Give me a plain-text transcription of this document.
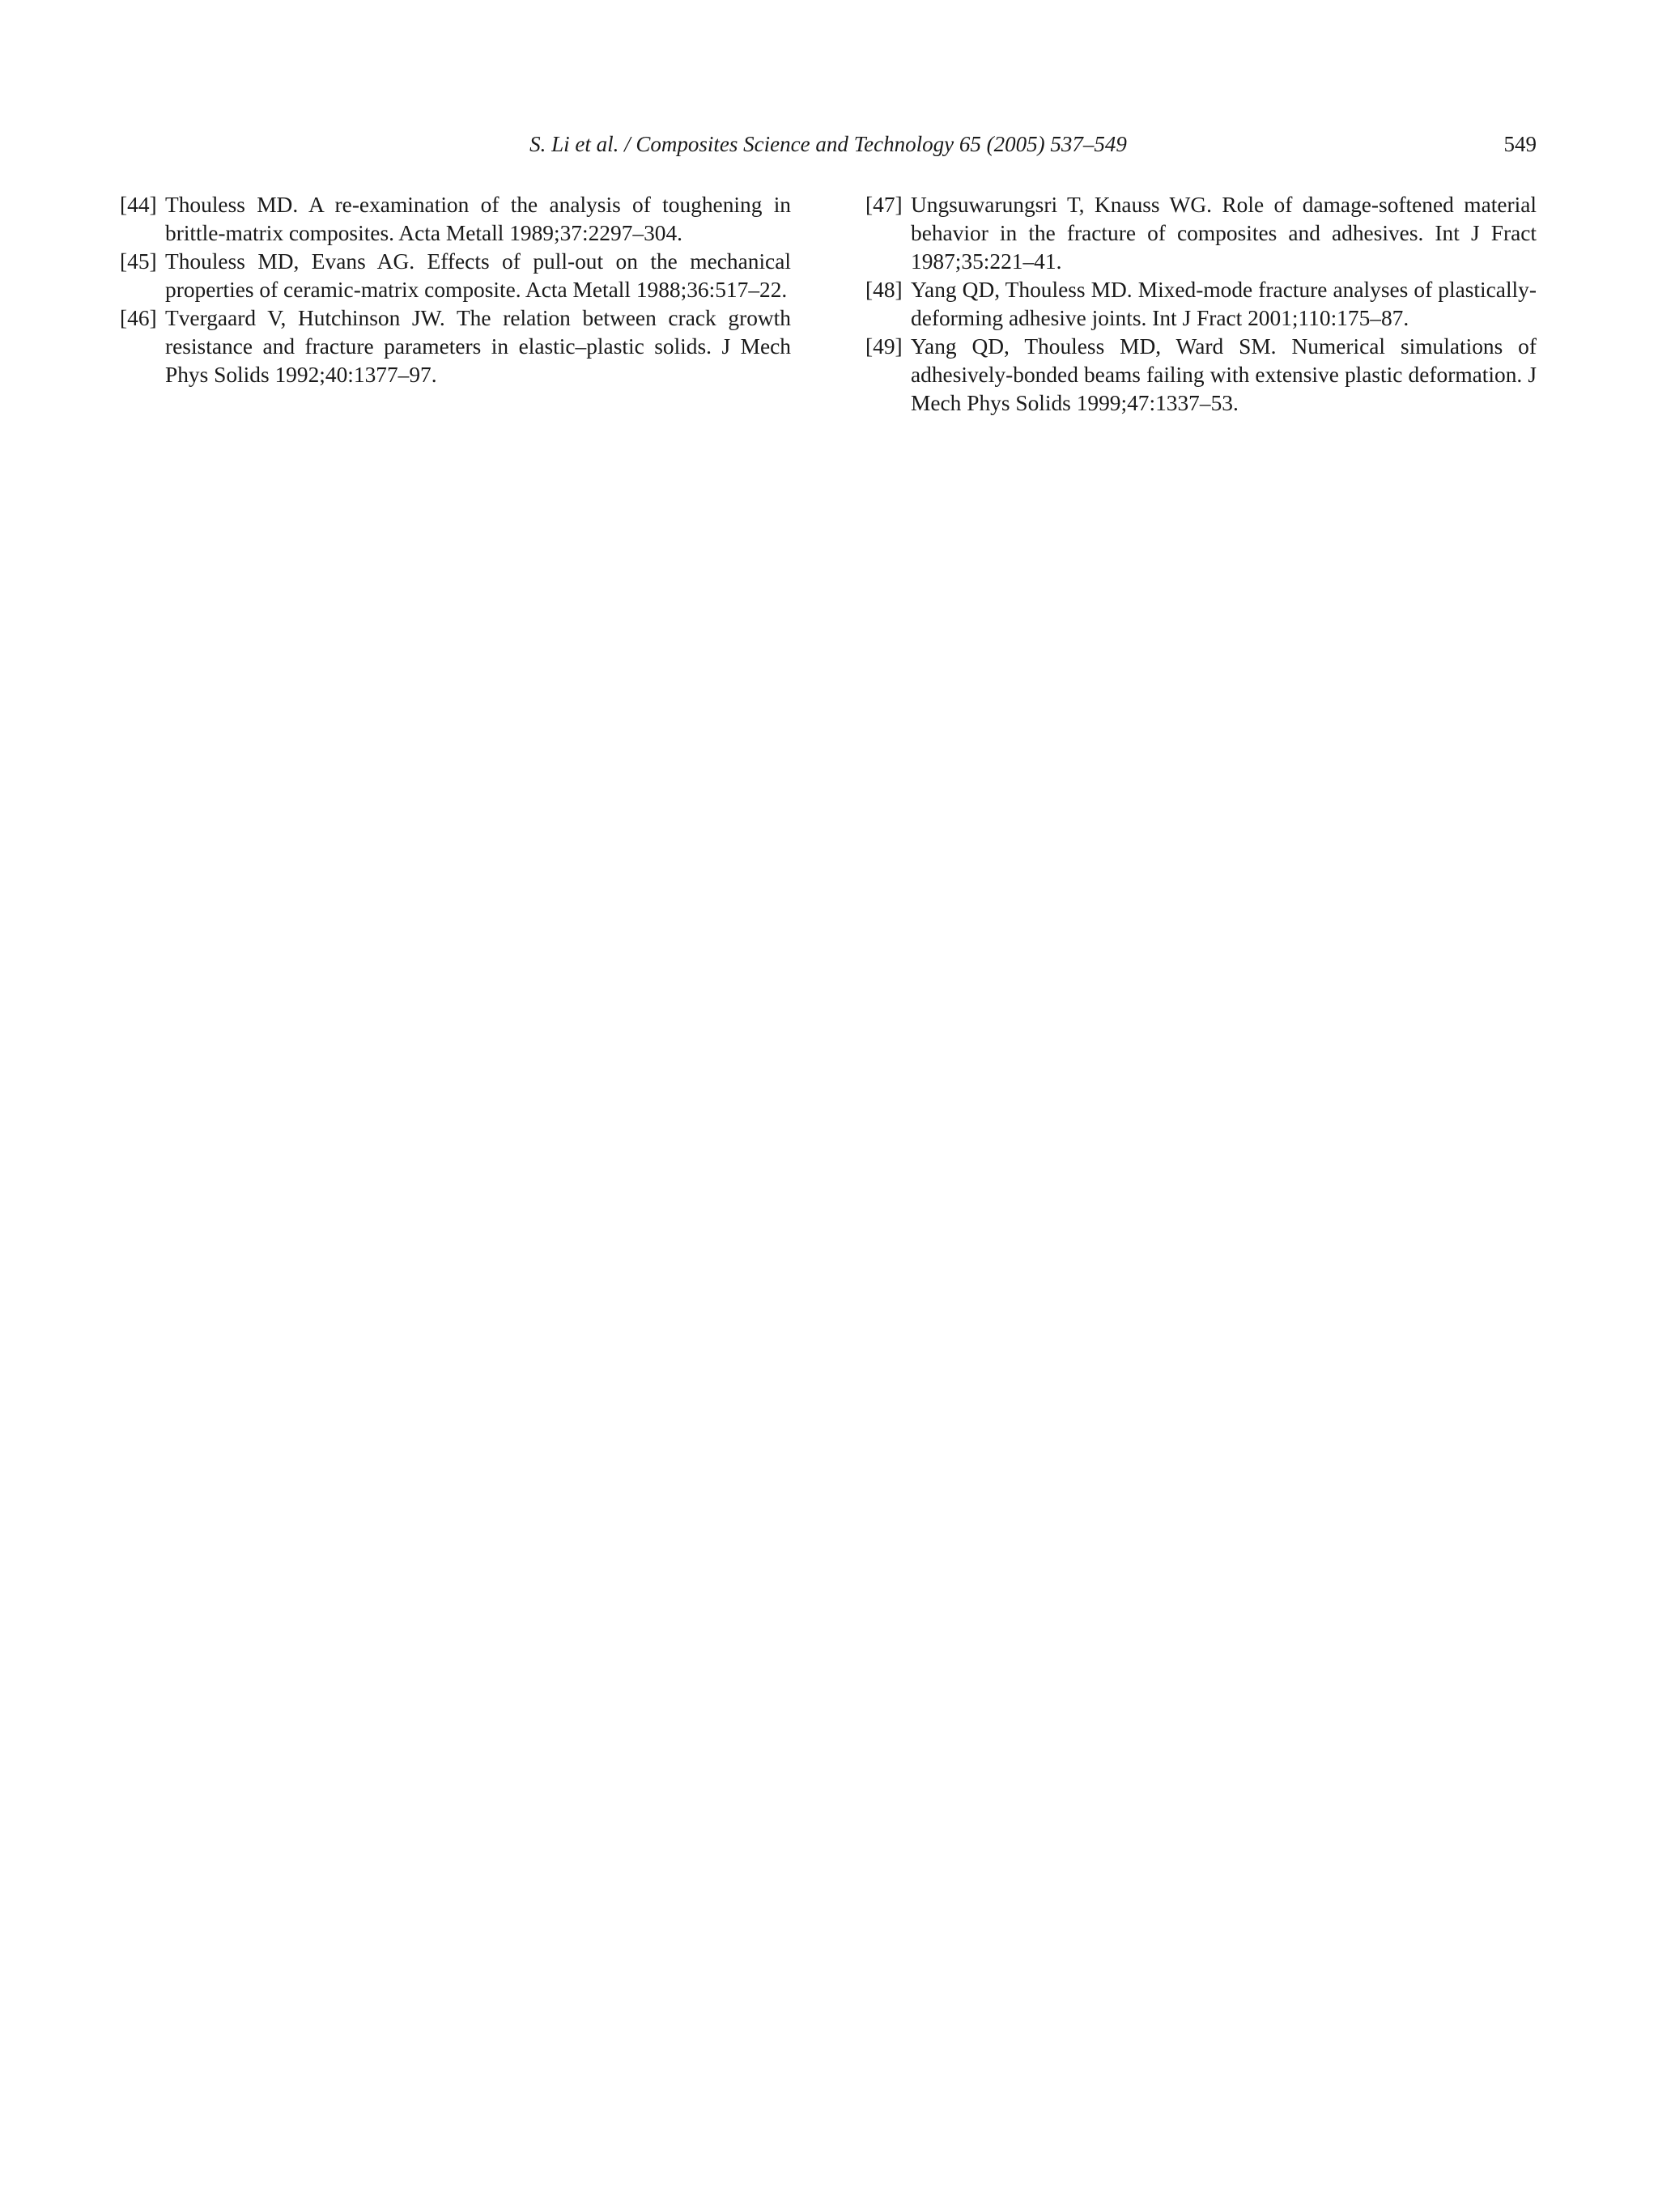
S. Li et al. / Composites Science and Technology 65 (2005) 537–549	549
[44] Thouless MD. A re-examination of the analysis of toughening in brittle-matrix composites. Acta Metall 1989;37:2297–304.
[45] Thouless MD, Evans AG. Effects of pull-out on the mechanical properties of ceramic-matrix composite. Acta Metall 1988;36:517–22.
[46] Tvergaard V, Hutchinson JW. The relation between crack growth resistance and fracture parameters in elastic–plastic solids. J Mech Phys Solids 1992;40:1377–97.
[47] Ungsuwarungsri T, Knauss WG. Role of damage-softened material behavior in the fracture of composites and adhesives. Int J Fract 1987;35:221–41.
[48] Yang QD, Thouless MD. Mixed-mode fracture analyses of plastically-deforming adhesive joints. Int J Fract 2001;110:175–87.
[49] Yang QD, Thouless MD, Ward SM. Numerical simulations of adhesively-bonded beams failing with extensive plastic deformation. J Mech Phys Solids 1999;47:1337–53.
